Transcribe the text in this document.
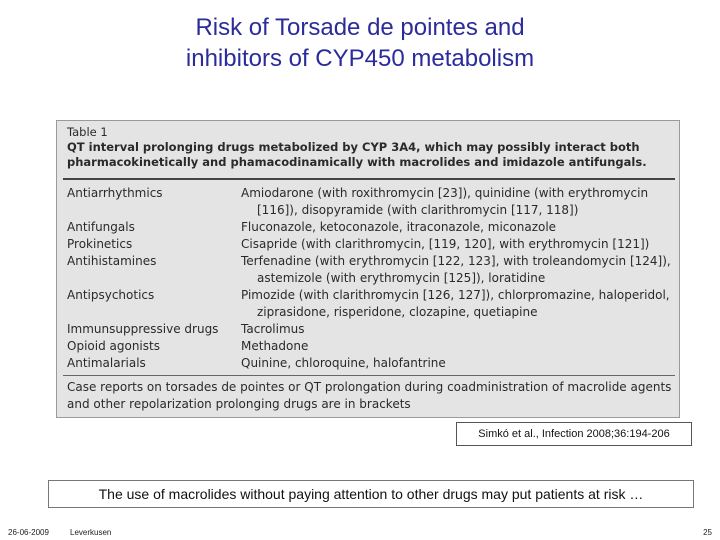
Risk of Torsade de pointes and
inhibitors of CYP450 metabolism
Table 1
QT interval prolonging drugs metabolized by CYP 3A4, which may possibly interact both pharmacokinetically and phamacodinamically with macrolides and imidazole antifungals.
Antiarrhythmics	Amiodarone (with roxithromycin [23]), quinidine (with erythromycin [116]), disopyramide (with clarithromycin [117, 118])
Antifungals	Fluconazole, ketoconazole, itraconazole, miconazole
Prokinetics	Cisapride (with clarithromycin, [119, 120], with erythromycin [121])
Antihistamines	Terfenadine (with erythromycin [122, 123], with troleandomycin [124]), astemizole (with erythromycin [125]), loratidine
Antipsychotics	Pimozide (with clarithromycin [126, 127]), chlorpromazine, haloperidol, ziprasidone, risperidone, clozapine, quetiapine
Immunsuppressive drugs	Tacrolimus
Opioid agonists	Methadone
Antimalarials	Quinine, chloroquine, halofantrine
Case reports on torsades de pointes or QT prolongation during coadministration of macrolide agents and other repolarization prolonging drugs are in brackets
Simkó et al., Infection 2008;36:194-206
The use of macrolides without paying attention to other drugs may put patients at risk …
26-06-2009	Leverkusen	25
